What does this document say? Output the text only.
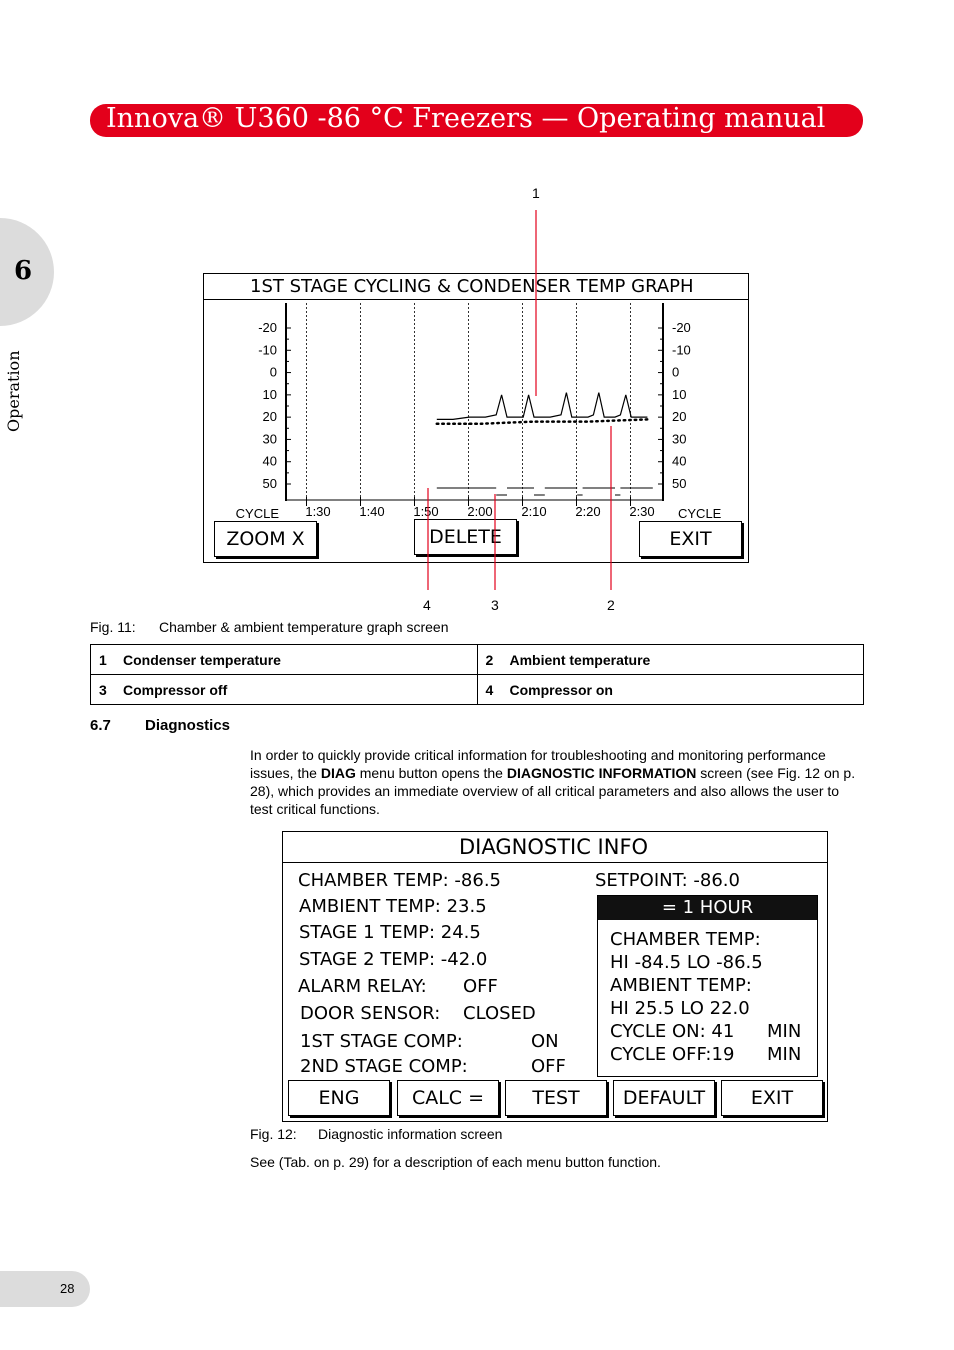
Innova® U360 -86 °C Freezers — Operating manual
6
Operation
1ST STAGE CYCLING & CONDENSER TEMP GRAPH
ZOOM X	DELETE	EXIT
1:30 1:40 1:50 2:00 2:10 2:20 2:30
-20
-10
0
10
20
30
40
50
-20
-10
0
10
20
30
40
50
CYCLE	CYCLE
1
4	3	2
Fig. 11: Chamber & ambient temperature graph screen
1 Condenser temperature	2 Ambient temperature
3 Compressor off	4 Compressor on
6.7 Diagnostics
In order to quickly provide critical information for troubleshooting and monitoring performance issues, the DIAG menu button opens the DIAGNOSTIC INFORMATION screen (see Fig. 12 on p. 28), which provides an immediate overview of all critical parameters and also allows the user to test critical functions.
DIAGNOSTIC INFO
CHAMBER TEMP: -86.5
AMBIENT TEMP: 23.5
STAGE 1 TEMP: 24.5
STAGE 2 TEMP: -42.0
ALARM RELAY: OFF
DOOR SENSOR: CLOSED
1ST STAGE COMP:	ON
2ND STAGE COMP:	OFF
SETPOINT: -86.0
= 1 HOUR
CHAMBER TEMP:
HI -84.5 LO -86.5
AMBIENT TEMP:
HI 25.5 LO 22.0
CYCLE ON: 41 MIN
CYCLE OFF:19 MIN
ENG	CALC =	TEST	DEFAULT	EXIT
Fig. 12: Diagnostic information screen
See (Tab. on p. 29) for a description of each menu button function.
28
